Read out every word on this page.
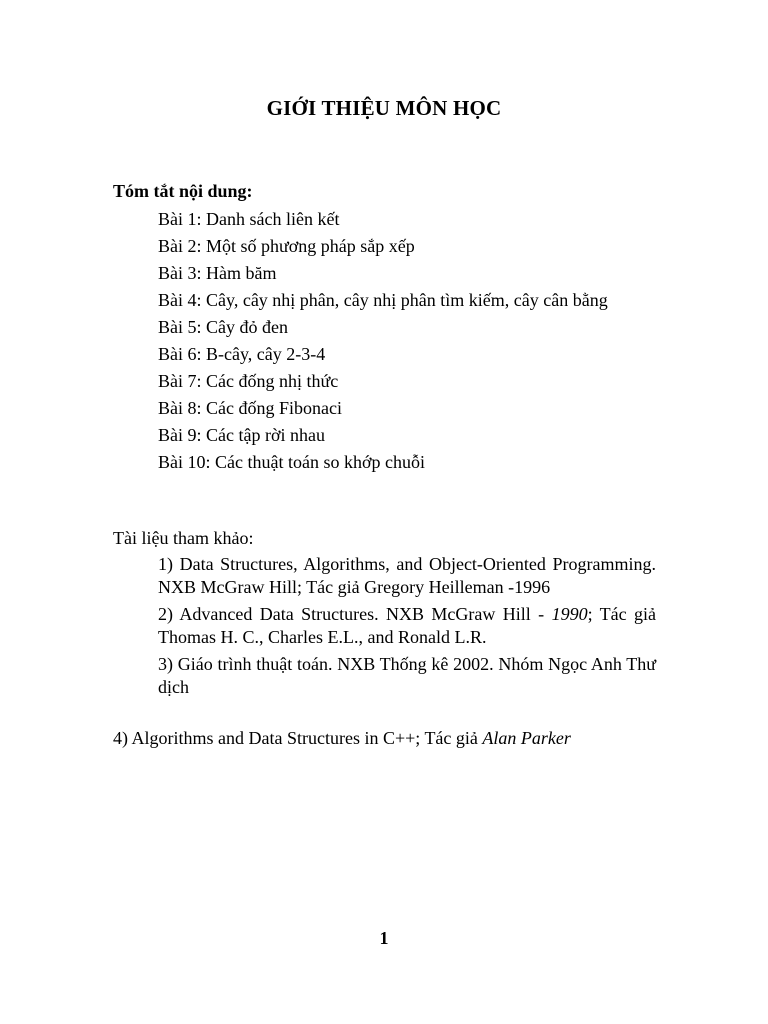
GIỚI THIỆU MÔN HỌC
Tóm tắt nội dung:
Bài 1: Danh sách liên kết
Bài 2: Một số phương pháp sắp xếp
Bài 3: Hàm băm
Bài 4: Cây, cây nhị phân, cây nhị phân tìm kiếm, cây cân bằng
Bài 5: Cây đỏ đen
Bài 6: B-cây, cây 2-3-4
Bài 7: Các đống nhị thức
Bài 8: Các đống Fibonaci
Bài 9: Các tập rời nhau
Bài 10: Các thuật toán so khớp chuỗi
Tài liệu tham khảo:
1) Data Structures, Algorithms, and Object-Oriented Programming. NXB McGraw Hill; Tác giả Gregory Heilleman -1996
2) Advanced Data Structures. NXB McGraw Hill - 1990; Tác giả Thomas H. C., Charles E.L., and Ronald L.R.
3) Giáo trình thuật toán. NXB Thống kê 2002. Nhóm Ngọc Anh Thư dịch
4) Algorithms and Data Structures in C++; Tác giả Alan Parker
1
